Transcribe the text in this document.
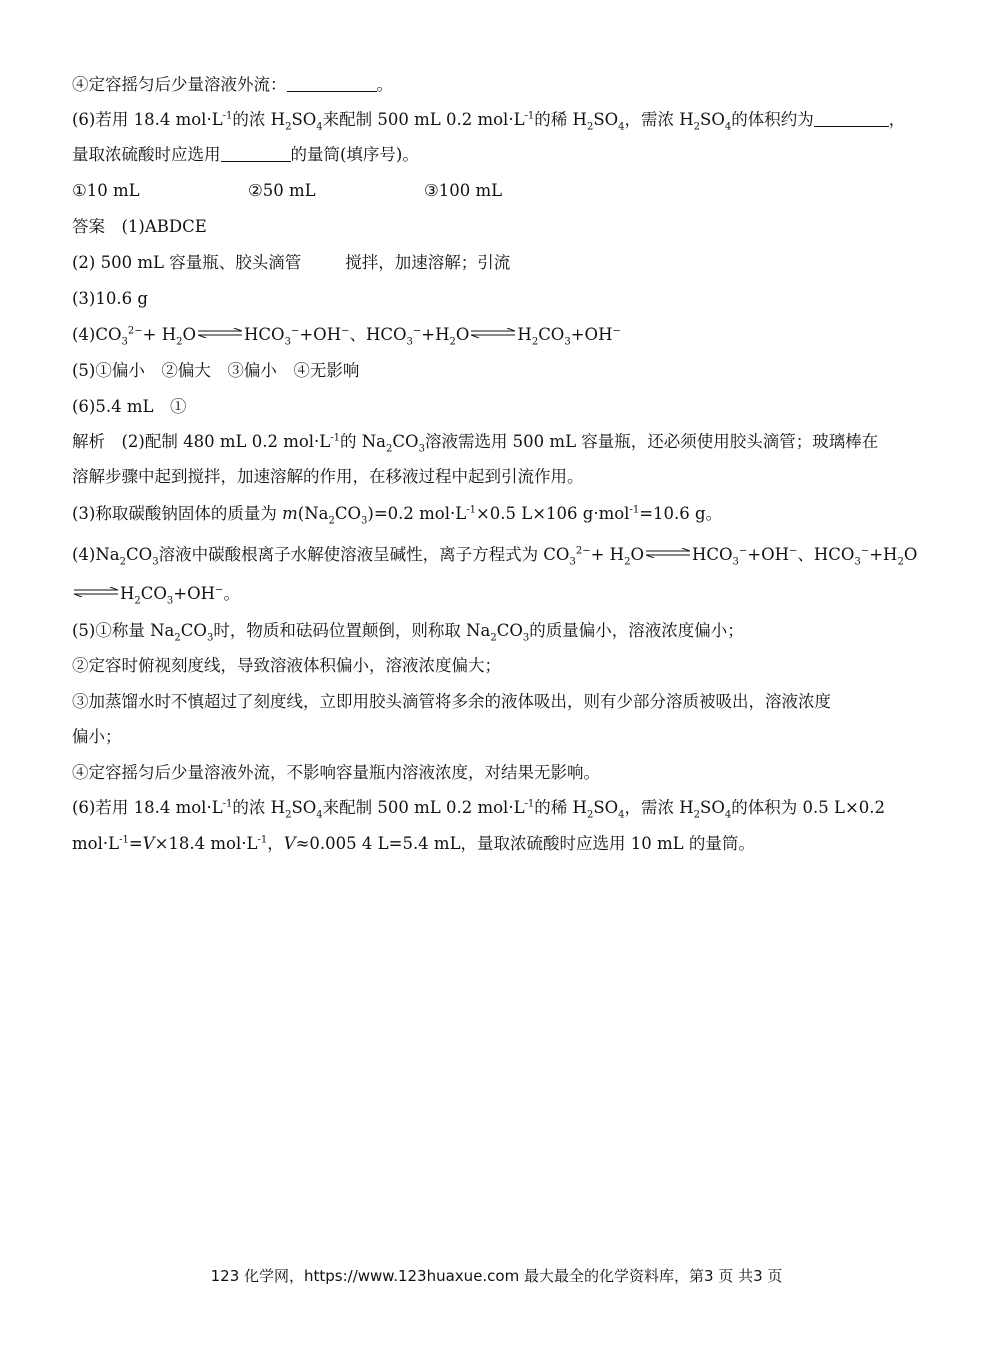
④定容摇匀后少量溶液外流：	。
(6)若用 18.4 $mol\cdot L^{-1}$的浓 $H_2SO_4$来配制 500 mL 0.2 $mol\cdot L^{-1}$的稀 $H_2SO_4$，需浓 $H_2SO_4$的体积约为	，
量取浓硫酸时应选用	的量筒(填序号)。
①10 mL	②50 mL	③100 mL
答案　(1)ABDCE
(2) 500 mL 容量瓶、胶头滴管	搅拌，加速溶解；引流
(3)10.6 g
$(4)CO_3^{2-}+ H_2O$ ⇌ $HCO_3^-+OH^-$、$HCO_3^-+H_2O$ ⇌ $H_2CO_3+OH^-$
(5)①偏小　②偏大　③偏小　④无影响
(6)5.4 mL　①
解析　(2)配制 480 mL 0.2 $mol\cdot L^{-1}$的 $Na_2CO_3$溶液需选用 500 mL 容量瓶，还必须使用胶头滴管；玻璃棒在
溶解步骤中起到搅拌，加速溶解的作用，在移液过程中起到引流作用。
(3)称取碳酸钠固体的质量为 $m(Na_2CO_3)=0.2$ $mol\cdot L^{-1}\times 0.5$ L×106 g·mol$^{-1}$=10.6 g。
$(4)Na_2CO_3$溶液中碳酸根离子水解使溶液呈碱性，离子方程式为 $CO_3^{2-}+ H_2O$ ⇌ $HCO_3^-+OH^-$、$HCO_3^-+H_2O$
⇌ $H_2CO_3+OH^-$。
(5)①称量 $Na_2CO_3$时，物质和砝码位置颠倒，则称取 $Na_2CO_3$的质量偏小，溶液浓度偏小；
②定容时俯视刻度线，导致溶液体积偏小，溶液浓度偏大；
③加蒸馏水时不慎超过了刻度线，立即用胶头滴管将多余的液体吸出，则有少部分溶质被吸出，溶液浓度
偏小；
④定容摇匀后少量溶液外流，不影响容量瓶内溶液浓度，对结果无影响。
(6)若用 18.4 $mol\cdot L^{-1}$的浓 $H_2SO_4$来配制 500 mL 0.2 $mol\cdot L^{-1}$的稀 $H_2SO_4$，需浓 $H_2SO_4$的体积为 0.5 L×0.2
$mol\cdot L^{-1}=V\times 18.4$ $mol\cdot L^{-1}$，V≈0.005 4 L=5.4 mL，量取浓硫酸时应选用 10 mL 的量筒。
123 化学网，https://www.123huaxue.com 最大最全的化学资料库，第3 页 共3 页
